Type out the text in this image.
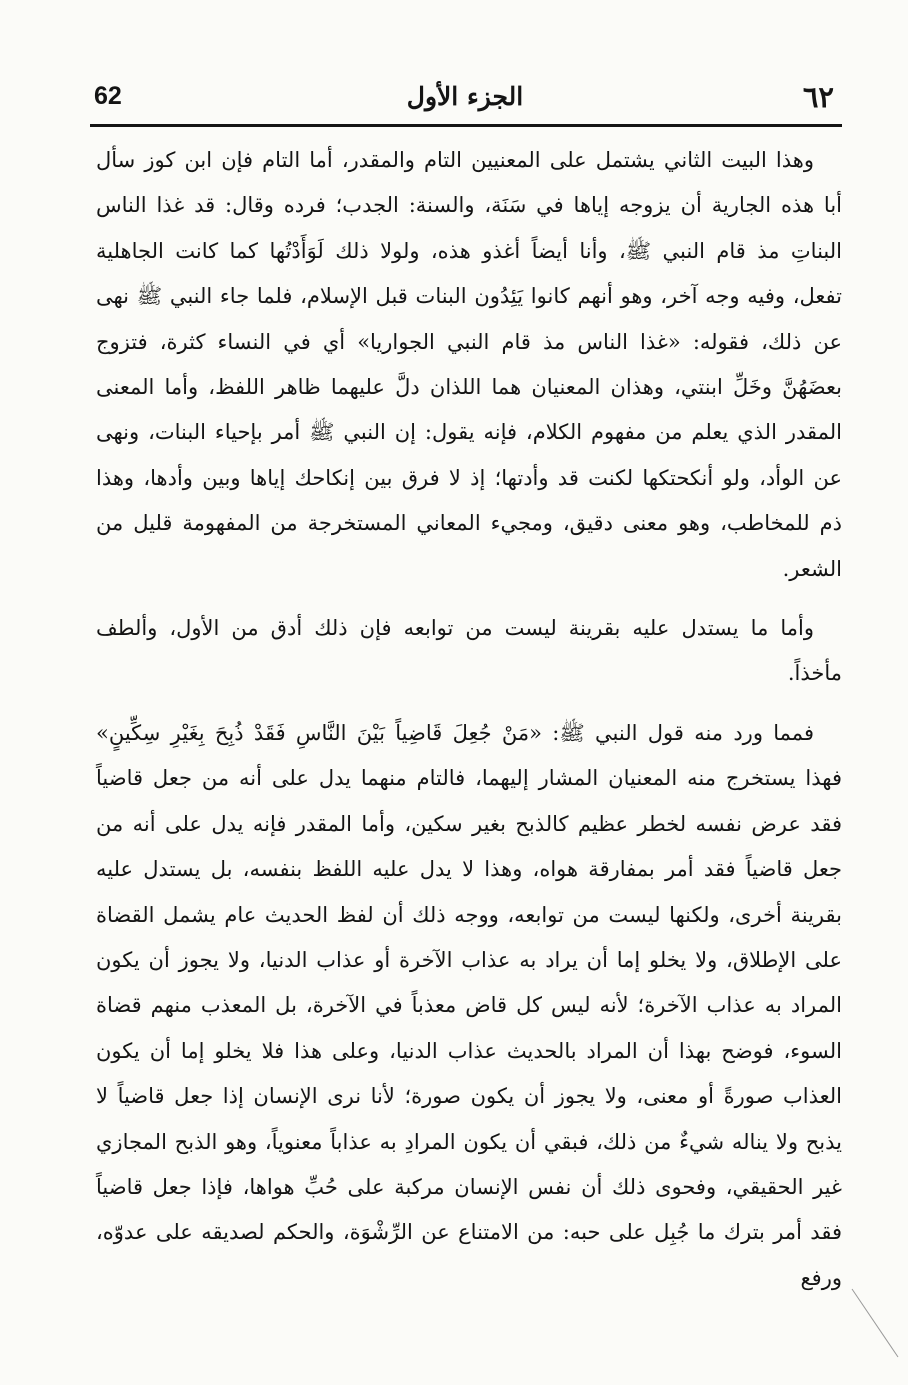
٦٢
الجزء الأول
62

وهذا البيت الثاني يشتمل على المعنيين التام والمقدر، أما التام فإن ابن كوز سأل أبا هذه الجارية أن يزوجه إياها في سَنَة، والسنة: الجدب؛ فرده وقال: قد غذا الناس البناتِ مذ قام النبي ﷺ، وأنا أيضاً أغذو هذه، ولولا ذلك لَوَأَدْتُها كما كانت الجاهلية تفعل، وفيه وجه آخر، وهو أنهم كانوا يَئِدُون البنات قبل الإسلام، فلما جاء النبي ﷺ نهى عن ذلك، فقوله: «غذا الناس مذ قام النبي الجواريا» أي في النساء كثرة، فتزوج بعضَهُنَّ وخَلِّ ابنتي، وهذان المعنيان هما اللذان دلَّ عليهما ظاهر اللفظ، وأما المعنى المقدر الذي يعلم من مفهوم الكلام، فإنه يقول: إن النبي ﷺ أمر بإحياء البنات، ونهى عن الوأد، ولو أنكحتكها لكنت قد وأدتها؛ إذ لا فرق بين إنكاحك إياها وبين وأدها، وهذا ذم للمخاطب، وهو معنى دقيق، ومجيء المعاني المستخرجة من المفهومة قليل من الشعر.

وأما ما يستدل عليه بقرينة ليست من توابعه فإن ذلك أدق من الأول، وألطف مأخذاً.

فمما ورد منه قول النبي ﷺ: «مَنْ جُعِلَ قَاضِياً بَيْنَ النَّاسِ فَقَدْ ذُبِحَ بِغَيْرِ سِكِّينٍ» فهذا يستخرج منه المعنيان المشار إليهما، فالتام منهما يدل على أنه من جعل قاضياً فقد عرض نفسه لخطر عظيم كالذبح بغير سكين، وأما المقدر فإنه يدل على أنه من جعل قاضياً فقد أمر بمفارقة هواه، وهذا لا يدل عليه اللفظ بنفسه، بل يستدل عليه بقرينة أخرى، ولكنها ليست من توابعه، ووجه ذلك أن لفظ الحديث عام يشمل القضاة على الإطلاق، ولا يخلو إما أن يراد به عذاب الآخرة أو عذاب الدنيا، ولا يجوز أن يكون المراد به عذاب الآخرة؛ لأنه ليس كل قاض معذباً في الآخرة، بل المعذب منهم قضاة السوء، فوضح بهذا أن المراد بالحديث عذاب الدنيا، وعلى هذا فلا يخلو إما أن يكون العذاب صورةً أو معنى، ولا يجوز أن يكون صورة؛ لأنا نرى الإنسان إذا جعل قاضياً لا يذبح ولا يناله شيءٌ من ذلك، فبقي أن يكون المرادِ به عذاباً معنوياً، وهو الذبح المجازي غير الحقيقي، وفحوى ذلك أن نفس الإنسان مركبة على حُبِّ هواها، فإذا جعل قاضياً فقد أمر بترك ما جُبِل على حبه: من الامتناع عن الرِّشْوَة، والحكم لصديقه على عدوّه، ورفع
